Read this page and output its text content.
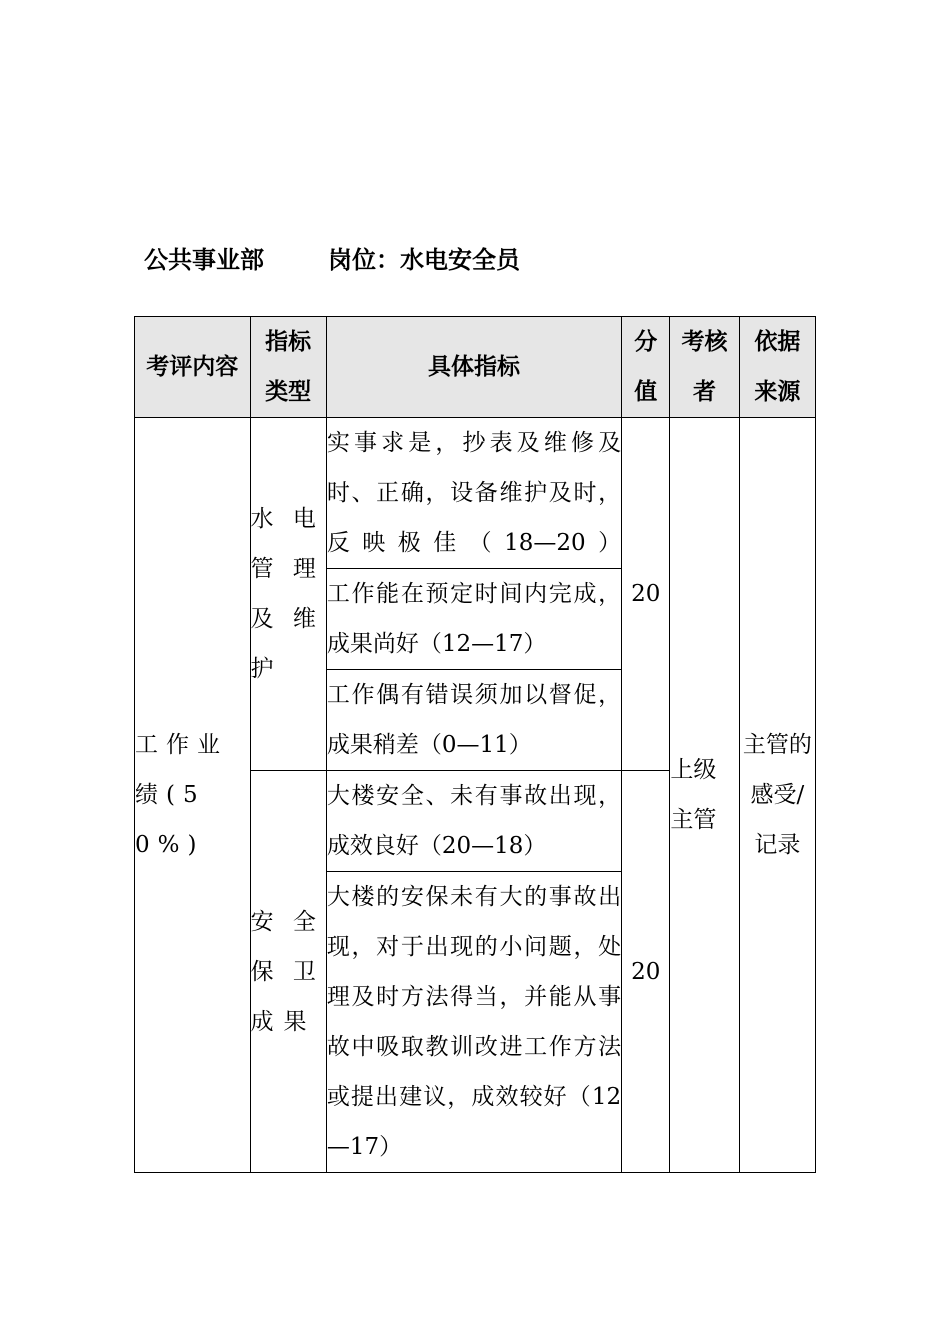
公共事业部	岗位：水电安全员
考评内容	指标类型	具体指标	分值	考核者	依据来源
工作业绩(50%)	水电管理及维护	实事求是，抄表及维修及时、正确，设备维护及时，反映极佳（18—20）	20	上级主管	主管的感受/记录
		工作能在预定时间内完成，成果尚好（12—17）			
		工作偶有错误须加以督促，成果稍差（0—11）			
	安全保卫成果	大楼安全、未有事故出现，成效良好（20—18）	20		
		大楼的安保未有大的事故出现，对于出现的小问题，处理及时方法得当，并能从事故中吸取教训改进工作方法或提出建议，成效较好（12—17）			
